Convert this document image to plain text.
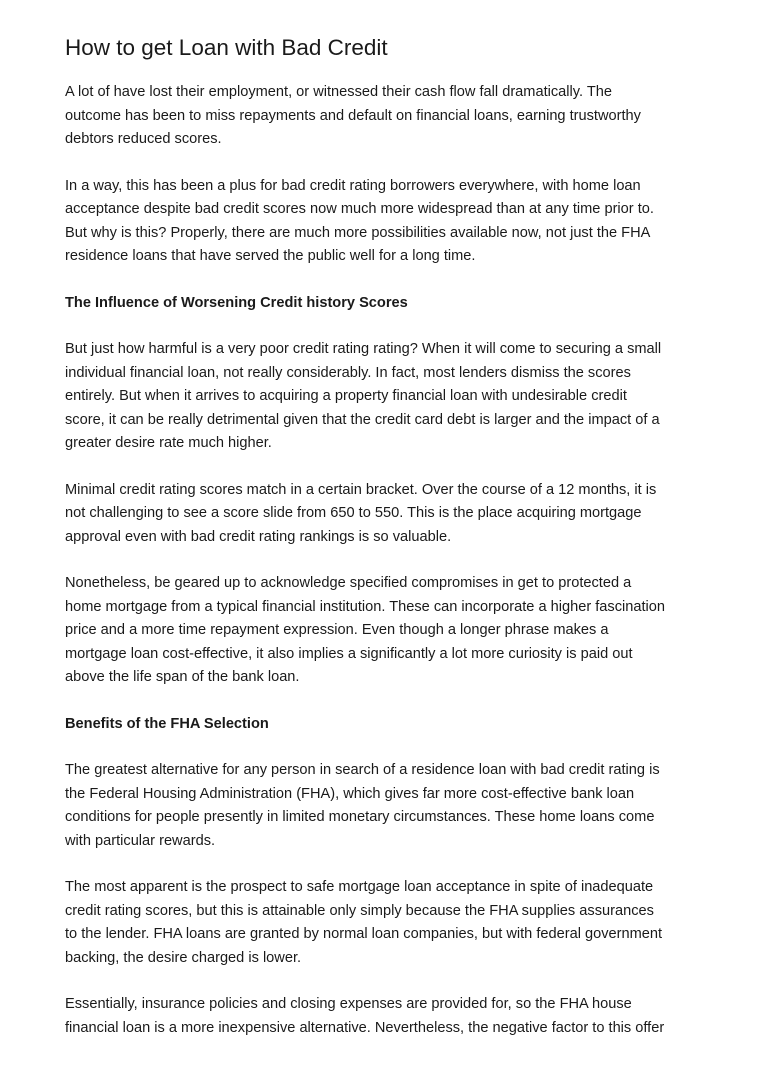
How to get Loan with Bad Credit

A lot of have lost their employment, or witnessed their cash flow fall dramatically. The
outcome has been to miss repayments and default on financial loans, earning trustworthy
debtors reduced scores.

In a way, this has been a plus for bad credit rating borrowers everywhere, with home loan
acceptance despite bad credit scores now much more widespread than at any time prior to.
But why is this? Properly, there are much more possibilities available now, not just the FHA
residence loans that have served the public well for a long time.

The Influence of Worsening Credit history Scores

But just how harmful is a very poor credit rating rating? When it will come to securing a small
individual financial loan, not really considerably. In fact, most lenders dismiss the scores
entirely. But when it arrives to acquiring a property financial loan with undesirable credit
score, it can be really detrimental given that the credit card debt is larger and the impact of a
greater desire rate much higher.

Minimal credit rating scores match in a certain bracket. Over the course of a 12 months, it is
not challenging to see a score slide from 650 to 550. This is the place acquiring mortgage
approval even with bad credit rating rankings is so valuable.

Nonetheless, be geared up to acknowledge specified compromises in get to protected a
home mortgage from a typical financial institution. These can incorporate a higher fascination
price and a more time repayment expression. Even though a longer phrase makes a
mortgage loan cost-effective, it also implies a significantly a lot more curiosity is paid out
above the life span of the bank loan.

Benefits of the FHA Selection

The greatest alternative for any person in search of a residence loan with bad credit rating is
the Federal Housing Administration (FHA), which gives far more cost-effective bank loan
conditions for people presently in limited monetary circumstances. These home loans come
with particular rewards.

The most apparent is the prospect to safe mortgage loan acceptance in spite of inadequate
credit rating scores, but this is attainable only simply because the FHA supplies assurances
to the lender. FHA loans are granted by normal loan companies, but with federal government
backing, the desire charged is lower.

Essentially, insurance policies and closing expenses are provided for, so the FHA house
financial loan is a more inexpensive alternative. Nevertheless, the negative factor to this offer
